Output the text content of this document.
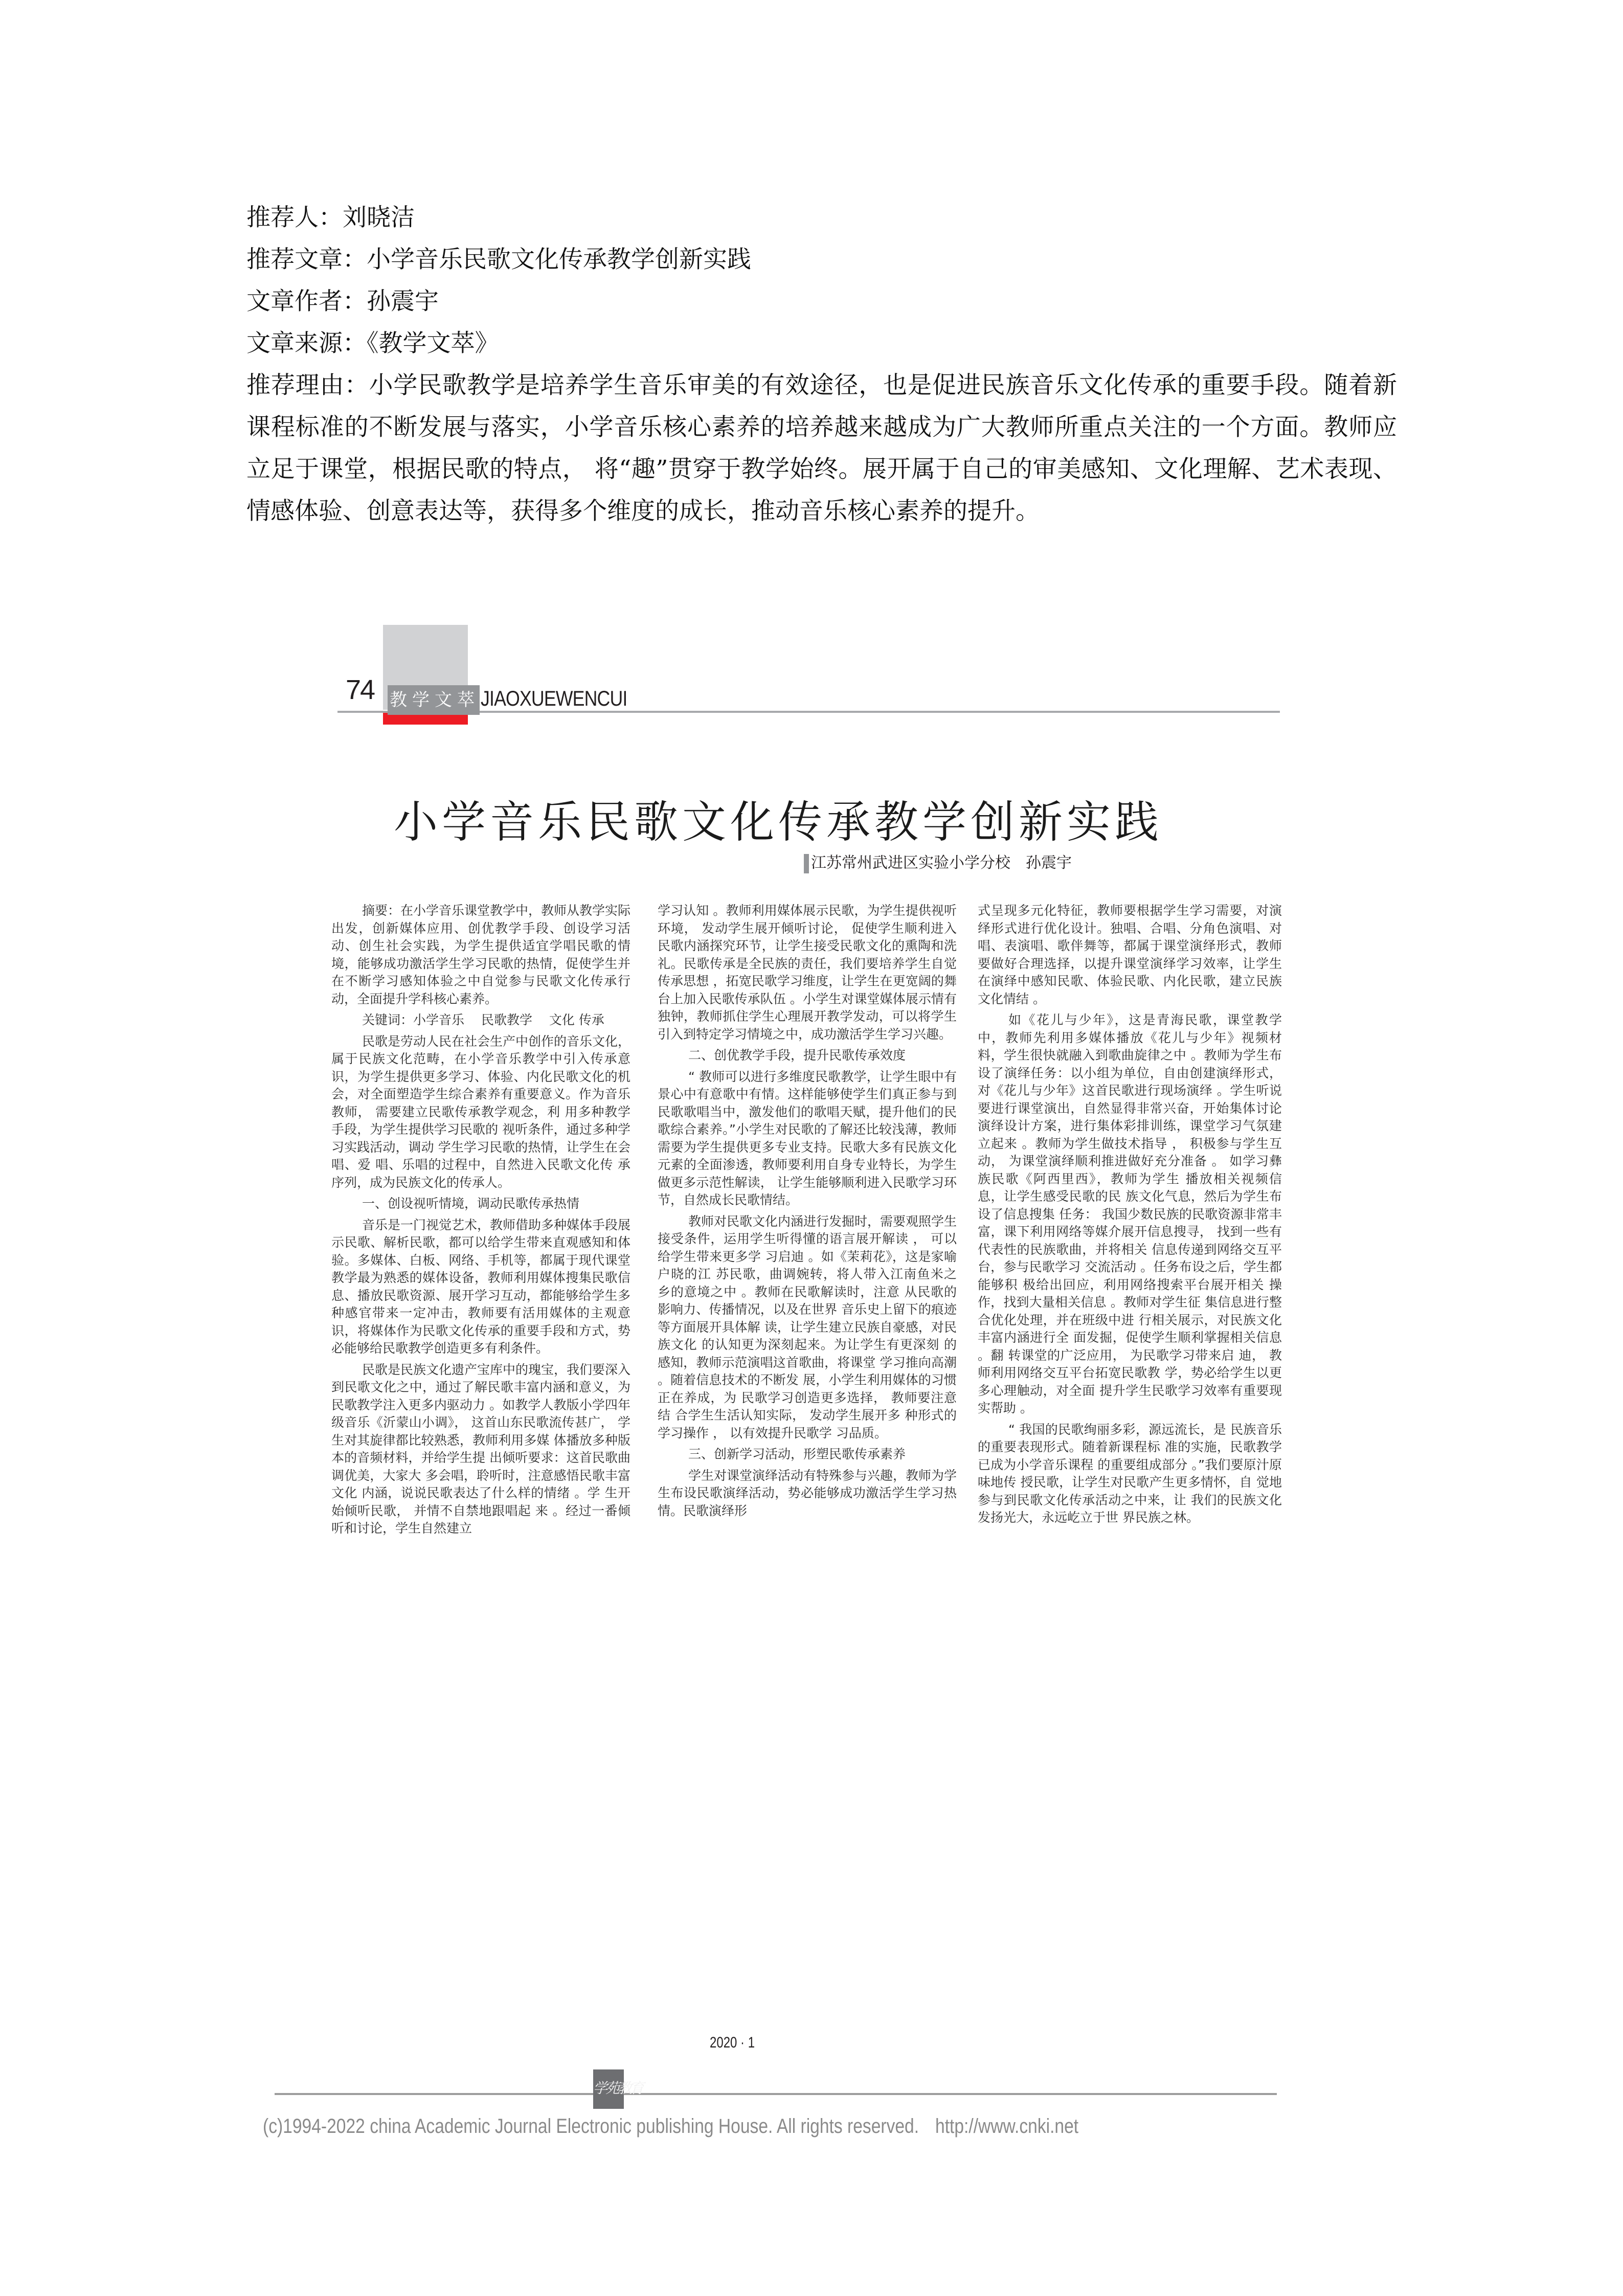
推荐人：刘晓洁
推荐文章：小学音乐民歌文化传承教学创新实践
文章作者：孙震宇
文章来源：《教学文萃》
推荐理由：小学民歌教学是培养学生音乐审美的有效途径，也是促进民族音乐文化传承的重要手段。随着新课程标准的不断发展与落实，小学音乐核心素养的培养越来越成为广大教师所重点关注的一个方面。教师应立足于课堂，根据民歌的特点， 将“趣”贯穿于教学始终。展开属于自己的审美感知、文化理解、艺术表现、情感体验、创意表达等，获得多个维度的成长，推动音乐核心素养的提升。
74 教学文萃 JIAOXUEWENCUI
小学音乐民歌文化传承教学创新实践
江苏常州武进区实验小学分校　 孙震宇

摘要：在小学音乐课堂教学中，教师从教学实际出发，创新媒体应用、创优教学手段、创设学习活动、创生社会实践，为学生提供适宜学唱民歌的情境，能够成功激活学生学习民歌的热情，促使学生并在不断学习感知体验之中自觉参与民歌文化传承行动，全面提升学科核心素养。

关键词：小学音乐　 民歌教学　 文化 传承

民歌是劳动人民在社会生产中创作的音乐文化，属于民族文化范畴，在小学音乐教学中引入传承意识，为学生提供更多学习、体验、内化民歌文化的机会，对全面塑造学生综合素养有重要意义。作为音乐教师， 需要建立民歌传承教学观念，利 用多种教学手段，为学生提供学习民歌的 视听条件，通过多种学习实践活动，调动 学生学习民歌的热情，让学生在会唱、爱 唱、乐唱的过程中，自然进入民歌文化传 承序列，成为民族文化的传承人。

一、创设视听情境，调动民歌传承热情

音乐是一门视觉艺术，教师借助多种媒体手段展示民歌、解析民歌，都可以给学生带来直观感知和体验。多媒体、白板、网络、手机等，都属于现代课堂教学最为熟悉的媒体设备，教师利用媒体搜集民歌信息、播放民歌资源、展开学习互动，都能够给学生多种感官带来一定冲击，教师要有活用媒体的主观意识，将媒体作为民歌文化传承的重要手段和方式，势必能够给民歌教学创造更多有利条件。

民歌是民族文化遗产宝库中的瑰宝，我们要深入到民歌文化之中，通过了解民歌丰富内涵和意义，为民歌教学注入更多内驱动力 。如教学人教版小学四年级音乐《沂蒙山小调》， 这首山东民歌流传甚广， 学生对其旋律都比较熟悉，教师利用多媒 体播放多种版本的音频材料，并给学生提 出倾听要求：这首民歌曲调优美，大家大 多会唱，聆听时，注意感悟民歌丰富文化 内涵，说说民歌表达了什么样的情绪 。学 生开始倾听民歌， 并情不自禁地跟唱起 来 。经过一番倾听和讨论，学生自然建立

学习认知 。教师利用媒体展示民歌，为学生提供视听环境， 发动学生展开倾听讨论， 促使学生顺利进入民歌内涵探究环节，让学生接受民歌文化的熏陶和洗礼。民歌传承是全民族的责任，我们要培养学生自觉传承思想 ，拓宽民歌学习维度，让学生在更宽阔的舞台上加入民歌传承队伍 。小学生对课堂媒体展示情有独钟，教师抓住学生心理展开教学发动，可以将学生引入到特定学习情境之中，成功激活学生学习兴趣。

二、创优教学手段，提升民歌传承效度

“ 教师可以进行多维度民歌教学，让学生眼中有景心中有意歌中有情。这样能够使学生们真正参与到民歌歌唱当中，激发他们的歌唱天赋，提升他们的民歌综合素养。”小学生对民歌的了解还比较浅薄，教师需要为学生提供更多专业支持。民歌大多有民族文化元素的全面渗透，教师要利用自身专业特长，为学生做更多示范性解读， 让学生能够顺利进入民歌学习环节，自然成长民歌情结。

教师对民歌文化内涵进行发掘时，需要观照学生接受条件，运用学生听得懂的语言展开解读 ， 可以给学生带来更多学 习启迪 。如《茉莉花》，这是家喻户晓的江 苏民歌，曲调婉转，将人带入江南鱼米之 乡的意境之中 。教师在民歌解读时，注意 从民歌的影响力、传播情况，以及在世界 音乐史上留下的痕迹等方面展开具体解 读，让学生建立民族自豪感，对民族文化 的认知更为深刻起来。为让学生有更深刻 的感知，教师示范演唱这首歌曲，将课堂 学习推向高潮 。随着信息技术的不断发 展，小学生利用媒体的习惯正在养成，为 民歌学习创造更多选择， 教师要注意结 合学生生活认知实际， 发动学生展开多 种形式的学习操作 ， 以有效提升民歌学 习品质。

三、创新学习活动，形塑民歌传承素养

学生对课堂演绎活动有特殊参与兴趣，教师为学生布设民歌演绎活动，势必能够成功激活学生学习热情。民歌演绎形

式呈现多元化特征，教师要根据学生学习需要，对演绎形式进行优化设计。独唱、合唱、分角色演唱、对唱、表演唱、歌伴舞等，都属于课堂演绎形式，教师要做好合理选择，以提升课堂演绎学习效率，让学生在演绎中感知民歌、体验民歌、内化民歌，建立民族文化情结 。

如《花儿与少年》，这是青海民歌，课堂教学中，教师先利用多媒体播放《花儿与少年》视频材料，学生很快就融入到歌曲旋律之中 。教师为学生布设了演绎任务：以小组为单位，自由创建演绎形式，对《花儿与少年》这首民歌进行现场演绎 。学生听说要进行课堂演出，自然显得非常兴奋，开始集体讨论演绎设计方案，进行集体彩排训练，课堂学习气氛建立起来 。教师为学生做技术指导 ， 积极参与学生互动， 为课堂演绎顺利推进做好充分准备 。 如学习彝族民歌《阿西里西》，教师为学生 播放相关视频信息，让学生感受民歌的民 族文化气息，然后为学生布设了信息搜集 任务： 我国少数民族的民歌资源非常丰 富，课下利用网络等媒介展开信息搜寻， 找到一些有代表性的民族歌曲，并将相关 信息传递到网络交互平台，参与民歌学习 交流活动 。任务布设之后，学生都能够积 极给出回应，利用网络搜索平台展开相关 操作，找到大量相关信息 。教师对学生征 集信息进行整合优化处理，并在班级中进 行相关展示，对民族文化丰富内涵进行全 面发掘，促使学生顺利掌握相关信息 。翻 转课堂的广泛应用， 为民歌学习带来启 迪， 教师利用网络交互平台拓宽民歌教 学，势必给学生以更多心理触动，对全面 提升学生民歌学习效率有重要现实帮助 。

“ 我国的民歌绚丽多彩，源远流长，是 民族音乐的重要表现形式。随着新课程标 准的实施，民歌教学已成为小学音乐课程 的重要组成部分 。”我们要原汁原味地传 授民歌，让学生对民歌产生更多情怀，自 觉地参与到民歌文化传承活动之中来，让 我们的民族文化发扬光大，永远屹立于世 界民族之林。

2020 · 1
学苑教育
(c)1994-2022 china Academic Journal Electronic publishing House. All rights reserved. http://www.cnki.net
